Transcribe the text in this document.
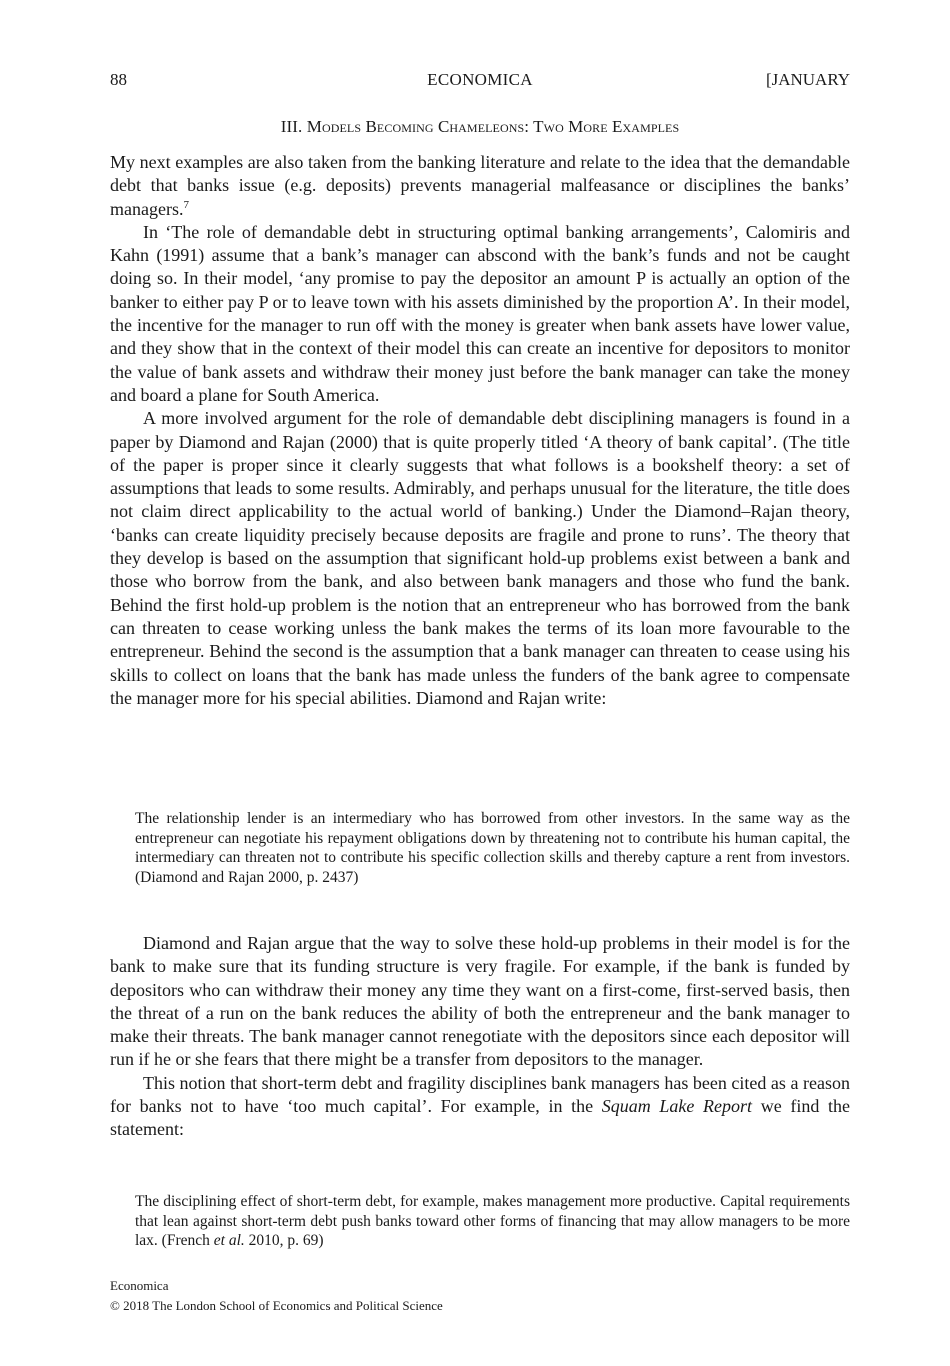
ECONOMICA
88	[JANUARY
III. Models Becoming Chameleons: Two More Examples

My next examples are also taken from the banking literature and relate to the idea that the demandable debt that banks issue (e.g. deposits) prevents managerial malfeasance or disciplines the banks’ managers.$^7$

In ‘The role of demandable debt in structuring optimal banking arrangements’, Calomiris and Kahn (1991) assume that a bank’s manager can abscond with the bank’s funds and not be caught doing so. In their model, ‘any promise to pay the depositor an amount P is actually an option of the banker to either pay P or to leave town with his assets diminished by the proportion A’. In their model, the incentive for the manager to run off with the money is greater when bank assets have lower value, and they show that in the context of their model this can create an incentive for depositors to monitor the value of bank assets and withdraw their money just before the bank manager can take the money and board a plane for South America.

A more involved argument for the role of demandable debt disciplining managers is found in a paper by Diamond and Rajan (2000) that is quite properly titled ‘A theory of bank capital’. (The title of the paper is proper since it clearly suggests that what follows is a bookshelf theory: a set of assumptions that leads to some results. Admirably, and perhaps unusual for the literature, the title does not claim direct applicability to the actual world of banking.) Under the Diamond–Rajan theory, ‘banks can create liquidity precisely because deposits are fragile and prone to runs’. The theory that they develop is based on the assumption that significant hold-up problems exist between a bank and those who borrow from the bank, and also between bank managers and those who fund the bank. Behind the first hold-up problem is the notion that an entrepreneur who has borrowed from the bank can threaten to cease working unless the bank makes the terms of its loan more favourable to the entrepreneur. Behind the second is the assumption that a bank manager can threaten to cease using his skills to collect on loans that the bank has made unless the funders of the bank agree to compensate the manager more for his special abilities. Diamond and Rajan write:

The relationship lender is an intermediary who has borrowed from other investors. In the same way as the entrepreneur can negotiate his repayment obligations down by threatening not to contribute his human capital, the intermediary can threaten not to contribute his specific collection skills and thereby capture a rent from investors. (Diamond and Rajan 2000, p. 2437)

Diamond and Rajan argue that the way to solve these hold-up problems in their model is for the bank to make sure that its funding structure is very fragile. For example, if the bank is funded by depositors who can withdraw their money any time they want on a first-come, first-served basis, then the threat of a run on the bank reduces the ability of both the entrepreneur and the bank manager to make their threats. The bank manager cannot renegotiate with the depositors since each depositor will run if he or she fears that there might be a transfer from depositors to the manager.

This notion that short-term debt and fragility disciplines bank managers has been cited as a reason for banks not to have ‘too much capital’. For example, in the Squam Lake Report we find the statement:

The disciplining effect of short-term debt, for example, makes management more productive. Capital requirements that lean against short-term debt push banks toward other forms of financing that may allow managers to be more lax. (French et al. 2010, p. 69)

Economica
© 2018 The London School of Economics and Political Science
